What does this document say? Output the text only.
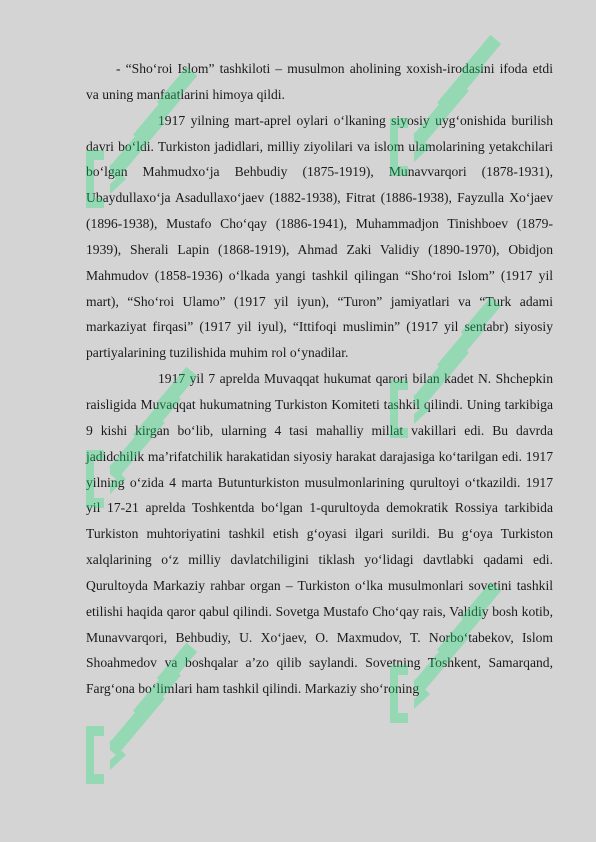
- “Sho‘roi Islom” tashkiloti – musulmon aholining xoxish-irodasini ifoda etdi va uning manfaatlarini himoya qildi.

1917 yilning mart-aprel oylari o‘lkaning siyosiy uyg‘onishida burilish davri bo‘ldi. Turkiston jadidlari, milliy ziyolilari va islom ulamolarining yetakchilari bo‘lgan Mahmudxo‘ja Behbudiy (1875-1919), Munavvarqori (1878-1931), Ubaydullaxo‘ja Asadullaxo‘jaev (1882-1938), Fitrat (1886-1938), Fayzulla Xo‘jaev (1896-1938), Mustafo Cho‘qay (1886-1941), Muhammadjon Tinishboev (1879-1939), Sherali Lapin (1868-1919), Ahmad Zaki Validiy (1890-1970), Obidjon Mahmudov (1858-1936) o‘lkada yangi tashkil qilingan “Sho‘roi Islom” (1917 yil mart), “Sho‘roi Ulamo” (1917 yil iyun), “Turon” jamiyatlari va “Turk adami markaziyat firqasi” (1917 yil iyul), “Ittifoqi muslimin” (1917 yil sentabr) siyosiy partiyalarining tuzilishida muhim rol o‘ynadilar.

1917 yil 7 aprelda Muvaqqat hukumat qarori bilan kadet N. Shchepkin raisligida Muvaqqat hukumatning Turkiston Komiteti tashkil qilindi. Uning tarkibiga 9 kishi kirgan bo‘lib, ularning 4 tasi mahalliy millat vakillari edi. Bu davrda jadidchilik ma’rifatchilik harakatidan siyosiy harakat darajasiga ko‘tarilgan edi. 1917 yilning o‘zida 4 marta Butunturkiston musulmonlarining qurultoyi o‘tkazildi. 1917 yil 17-21 aprelda Toshkentda bo‘lgan 1-qurultoyda demokratik Rossiya tarkibida Turkiston muhtoriyatini tashkil etish g‘oyasi ilgari surildi. Bu g‘oya Turkiston xalqlarining o‘z milliy davlatchiligini tiklash yo‘lidagi davtlabki qadami edi. Qurultoyda Markaziy rahbar organ – Turkiston o‘lka musulmonlari sovetini tashkil etilishi haqida qaror qabul qilindi. Sovetga Mustafo Cho‘qay rais, Validiy bosh kotib, Munavvarqori, Behbudiy, U. Xo‘jaev, O. Maxmudov, T. Norbo‘tabekov, Islom Shoahmedov va boshqalar a’zo qilib saylandi. Sovetning Toshkent, Samarqand, Farg‘ona bo‘limlari ham tashkil qilindi. Markaziy sho‘roning
